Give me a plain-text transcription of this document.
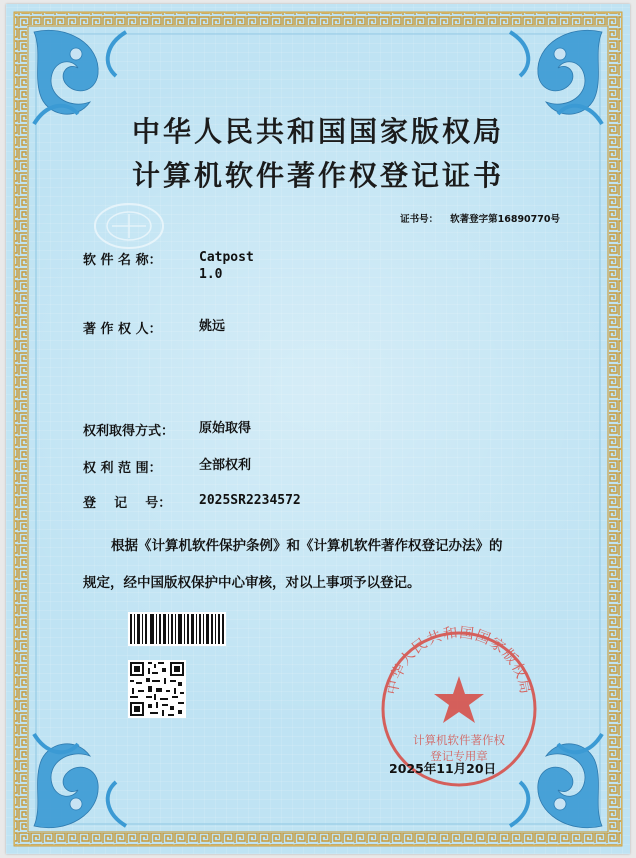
中华人民共和国国家版权局
计算机软件著作权登记证书
证书号： 软著登字第16890770号
软 件 名 称：	Catpost
1.0
著 作 权 人：	姚远
权利取得方式： 原始取得
权 利 范 围：	全部权利
登    记    号： 2025SR2234572
根据《计算机软件保护条例》和《计算机软件著作权登记办法》的
规定，经中国版权保护中心审核，对以上事项予以登记。
中华人民共和国国家版权局
计算机软件著作权
登记专用章
2025年11月20日
